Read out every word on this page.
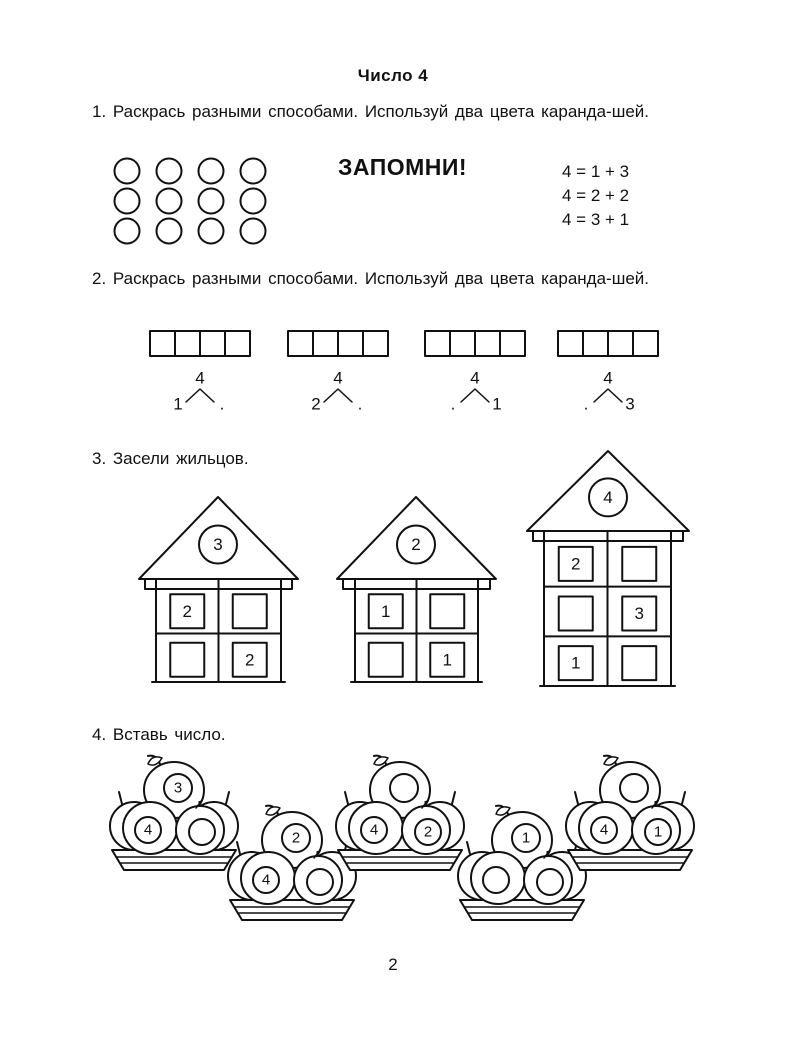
Число 4
1. Раскрась разными способами. Используй два цвета каранда-шей.
2. Раскрась разными способами. Используй два цвета каранда-шей.
3. Засели жильцов.
4. Вставь число.
ЗАПОМНИ!	4 = 1 + 3
4 = 2 + 2
4 = 3 + 1
4
1 .
4
2 .
4
. 1
4
. 3
2
2
3
1
1
2
2
3
1
4
3
4	2
4
4	2	1	4	1
2
